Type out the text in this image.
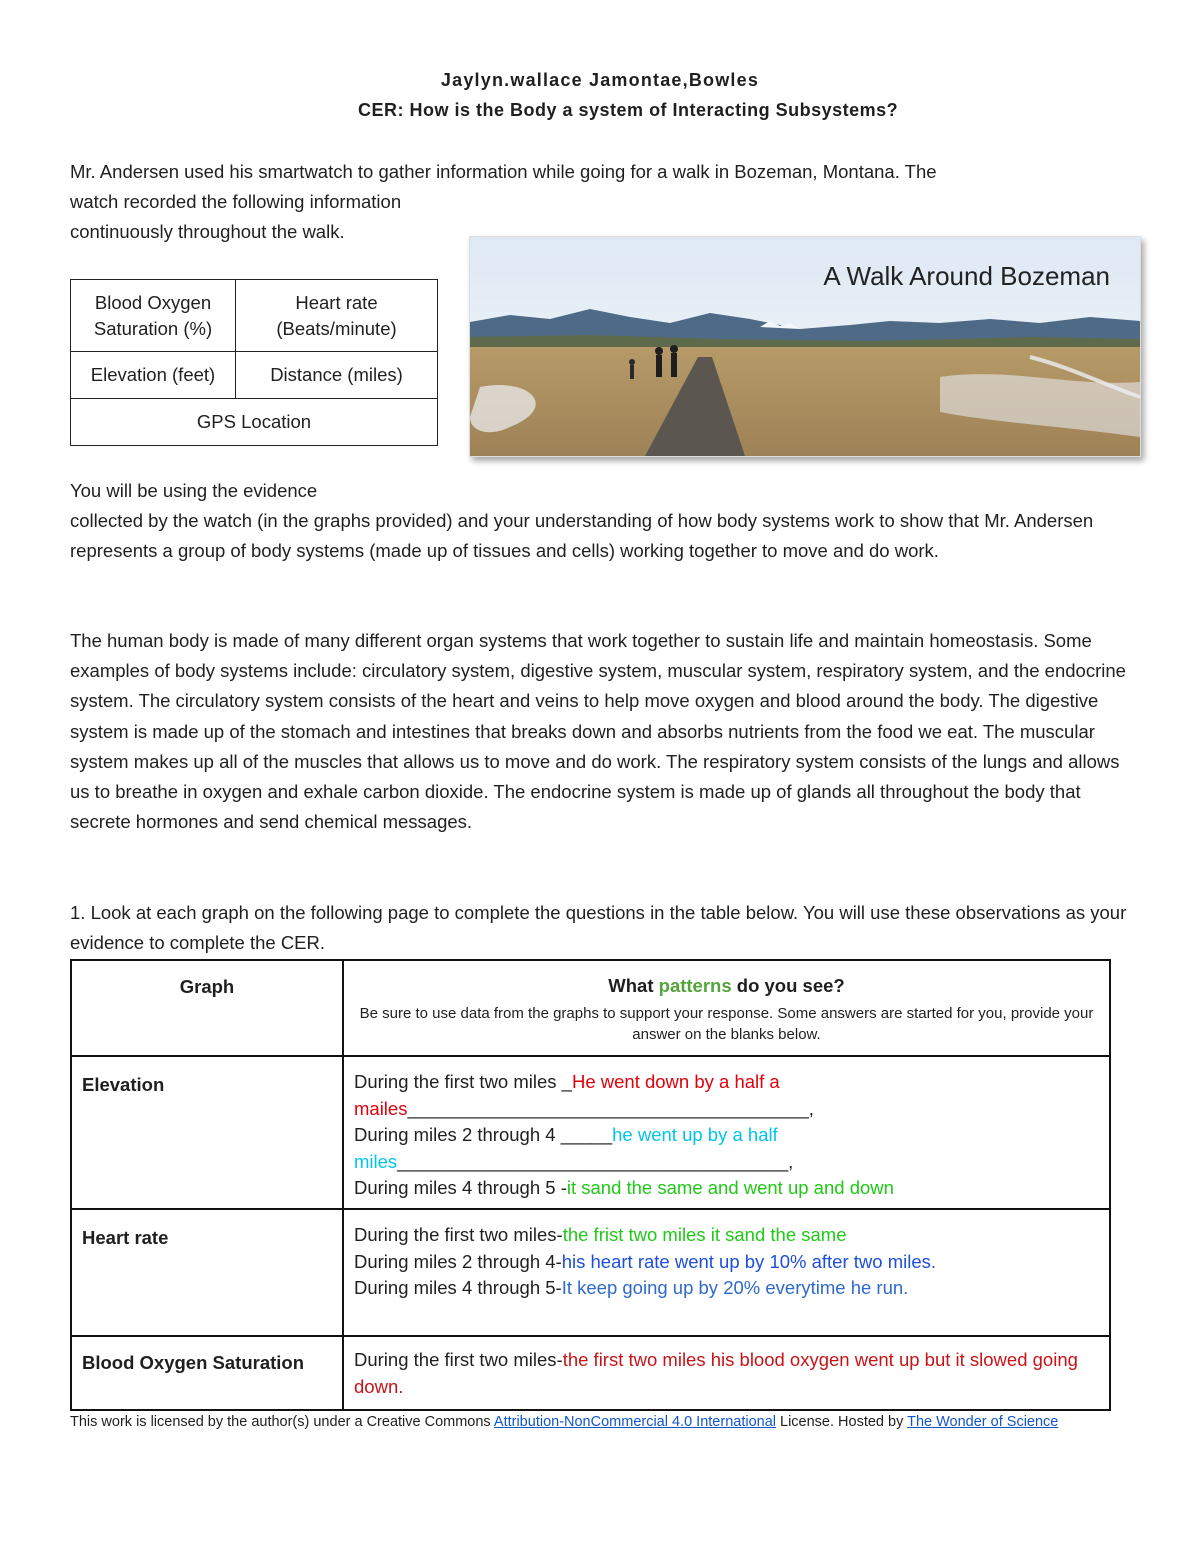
Jaylyn.wallace Jamontae,Bowles
CER: How is the Body a system of Interacting Subsystems?
Mr. Andersen used his smartwatch to gather information while going for a walk in Bozeman, Montana. The
watch recorded the following information
continuously throughout the walk.
Blood Oxygen Saturation (%)	Heart rate (Beats/minute)
Elevation (feet)	Distance (miles)
GPS Location	
A Walk Around Bozeman
You will be using the evidence
collected by the watch (in the graphs provided) and your understanding of how body systems work to show that Mr. Andersen represents a group of body systems (made up of tissues and cells) working together to move and do work.
The human body is made of many different organ systems that work together to sustain life and maintain homeostasis. Some examples of body systems include: circulatory system, digestive system, muscular system, respiratory system, and the endocrine system. The circulatory system consists of the heart and veins to help move oxygen and blood around the body. The digestive system is made up of the stomach and intestines that breaks down and absorbs nutrients from the food we eat. The muscular system makes up all of the muscles that allows us to move and do work. The respiratory system consists of the lungs and allows us to breathe in oxygen and exhale carbon dioxide. The endocrine system is made up of glands all throughout the body that secrete hormones and send chemical messages.
1. Look at each graph on the following page to complete the questions in the table below. You will use these observations as your evidence to complete the CER.
Graph	What patterns do you see?
Be sure to use data from the graphs to support your response. Some answers are started for you, provide your answer on the blanks below.

Elevation	During the first two miles _He went down by a half a
mailes_______________________________________,
During miles 2 through 4 _____he went up by a half
miles______________________________________,
During miles 4 through 5 -it sand the same and went up and down

Heart rate	During the first two miles-the frist two miles it sand the same
During miles 2 through 4-his heart rate went up by 10% after two miles.
During miles 4 through 5-It keep going up by 20% everytime he run.

Blood Oxygen Saturation	During the first two miles-the first two miles his blood oxygen went up but it slowed going down.
This work is licensed by the author(s) under a Creative Commons Attribution-NonCommercial 4.0 International License. Hosted by The Wonder of Science
